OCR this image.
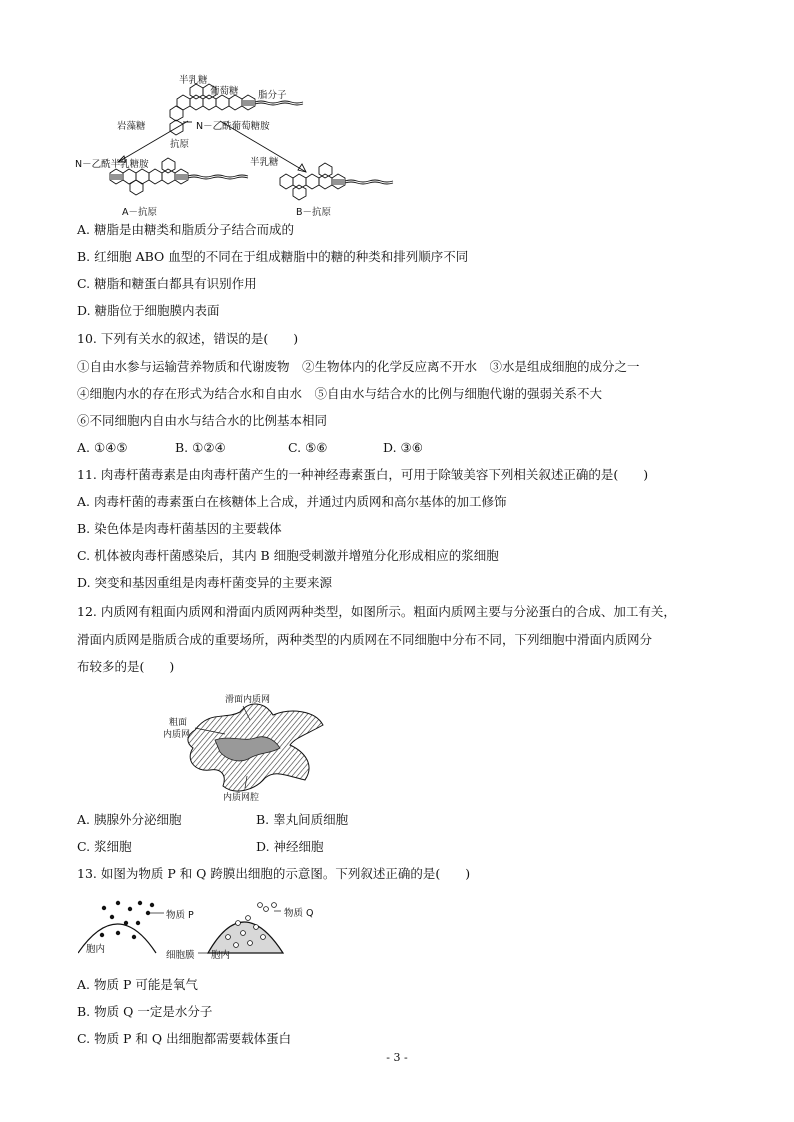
半乳糖
葡萄糖 脂分子
岩藻糖	N－乙酰葡萄糖胺
抗原
N－乙酰半乳糖胺	半乳糖
A－抗原	B－抗原
A. 糖脂是由糖类和脂质分子结合而成的
B. 红细胞 ABO 血型的不同在于组成糖脂中的糖的种类和排列顺序不同
C. 糖脂和糖蛋白都具有识别作用
D. 糖脂位于细胞膜内表面
10. 下列有关水的叙述，错误的是(　　)
①自由水参与运输营养物质和代谢废物　②生物体内的化学反应离不开水　③水是组成细胞的成分之一
④细胞内水的存在形式为结合水和自由水　⑤自由水与结合水的比例与细胞代谢的强弱关系不大
⑥不同细胞内自由水与结合水的比例基本相同
A. ①④⑤	B. ①②④	C. ⑤⑥	D. ③⑥
11. 肉毒杆菌毒素是由肉毒杆菌产生的一种神经毒素蛋白，可用于除皱美容下列相关叙述正确的是(　　)
A. 肉毒杆菌的毒素蛋白在核糖体上合成，并通过内质网和高尔基体的加工修饰
B. 染色体是肉毒杆菌基因的主要载体
C. 机体被肉毒杆菌感染后，其内 B 细胞受刺激并增殖分化形成相应的浆细胞
D. 突变和基因重组是肉毒杆菌变异的主要来源
12. 内质网有粗面内质网和滑面内质网两种类型，如图所示。粗面内质网主要与分泌蛋白的合成、加工有关，
滑面内质网是脂质合成的重要场所，两种类型的内质网在不同细胞中分布不同，下列细胞中滑面内质网分
布较多的是(　　)
滑面内质网
粗面
内质网
内质网腔
A. 胰腺外分泌细胞	B. 睾丸间质细胞
C. 浆细胞	D. 神经细胞
13. 如图为物质 P 和 Q 跨膜出细胞的示意图。下列叙述正确的是(　　)
物质 P	物质 Q
胞内
细胞膜 胞内
A. 物质 P 可能是氧气
B. 物质 Q 一定是水分子
C. 物质 P 和 Q 出细胞都需要载体蛋白
- 3 -
